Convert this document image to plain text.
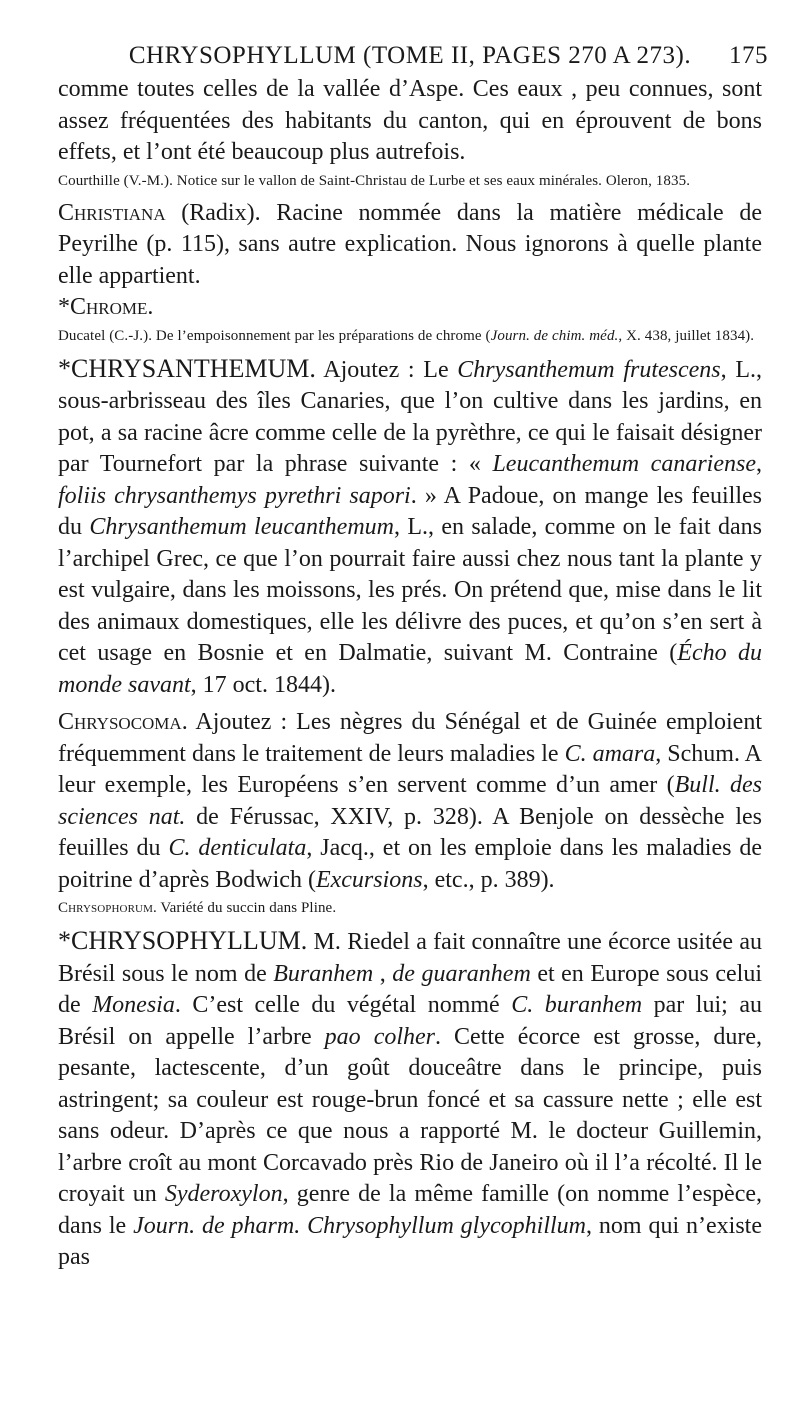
CHRYSOPHYLLUM (TOME II, PAGES 270 A 273). 175

comme toutes celles de la vallée d’Aspe. Ces eaux , peu connues, sont assez fréquentées des habitants du canton, qui en éprouvent de bons effets, et l’ont été beaucoup plus autrefois.

Courthille (V.-M.). Notice sur le vallon de Saint-Christau de Lurbe et ses eaux minérales. Oleron, 1835.

Christiana (Radix). Racine nommée dans la matière médicale de Peyrilhe (p. 115), sans autre explication. Nous ignorons à quelle plante elle appartient.

*Chrome.

Ducatel (C.-J.). De l’empoisonnement par les préparations de chrome (Journ. de chim. méd., X. 438, juillet 1834).

*CHRYSANTHEMUM. Ajoutez : Le Chrysanthemum frutescens, L., sous-arbrisseau des îles Canaries, que l’on cultive dans les jardins, en pot, a sa racine âcre comme celle de la pyrèthre, ce qui le faisait désigner par Tournefort par la phrase suivante : « Leucanthemum canariense, foliis chrysanthemys pyrethri sapori. » A Padoue, on mange les feuilles du Chrysanthemum leucanthemum, L., en salade, comme on le fait dans l’archipel Grec, ce que l’on pourrait faire aussi chez nous tant la plante y est vulgaire, dans les moissons, les prés. On prétend que, mise dans le lit des animaux domestiques, elle les délivre des puces, et qu’on s’en sert à cet usage en Bosnie et en Dalmatie, suivant M. Contraine (Écho du monde savant, 17 oct. 1844).

Chrysocoma. Ajoutez : Les nègres du Sénégal et de Guinée emploient fréquemment dans le traitement de leurs maladies le C. amara, Schum. A leur exemple, les Européens s’en servent comme d’un amer (Bull. des sciences nat. de Férussac, XXIV, p. 328). A Benjole on dessèche les feuilles du C. denticulata, Jacq., et on les emploie dans les maladies de poitrine d’après Bodwich (Excursions, etc., p. 389).

Chrysophorum. Variété du succin dans Pline.

*CHRYSOPHYLLUM. M. Riedel a fait connaître une écorce usitée au Brésil sous le nom de Buranhem , de guaranhem et en Europe sous celui de Monesia. C’est celle du végétal nommé C. buranhem par lui; au Brésil on appelle l’arbre pao colher. Cette écorce est grosse, dure, pesante, lactescente, d’un goût douceâtre dans le principe, puis astringent; sa couleur est rouge-brun foncé et sa cassure nette ; elle est sans odeur. D’après ce que nous a rapporté M. le docteur Guillemin, l’arbre croît au mont Corcavado près Rio de Janeiro où il l’a récolté. Il le croyait un Syderoxylon, genre de la même famille (on nomme l’espèce, dans le Journ. de pharm. Chrysophyllum glycophillum, nom qui n’existe pas
